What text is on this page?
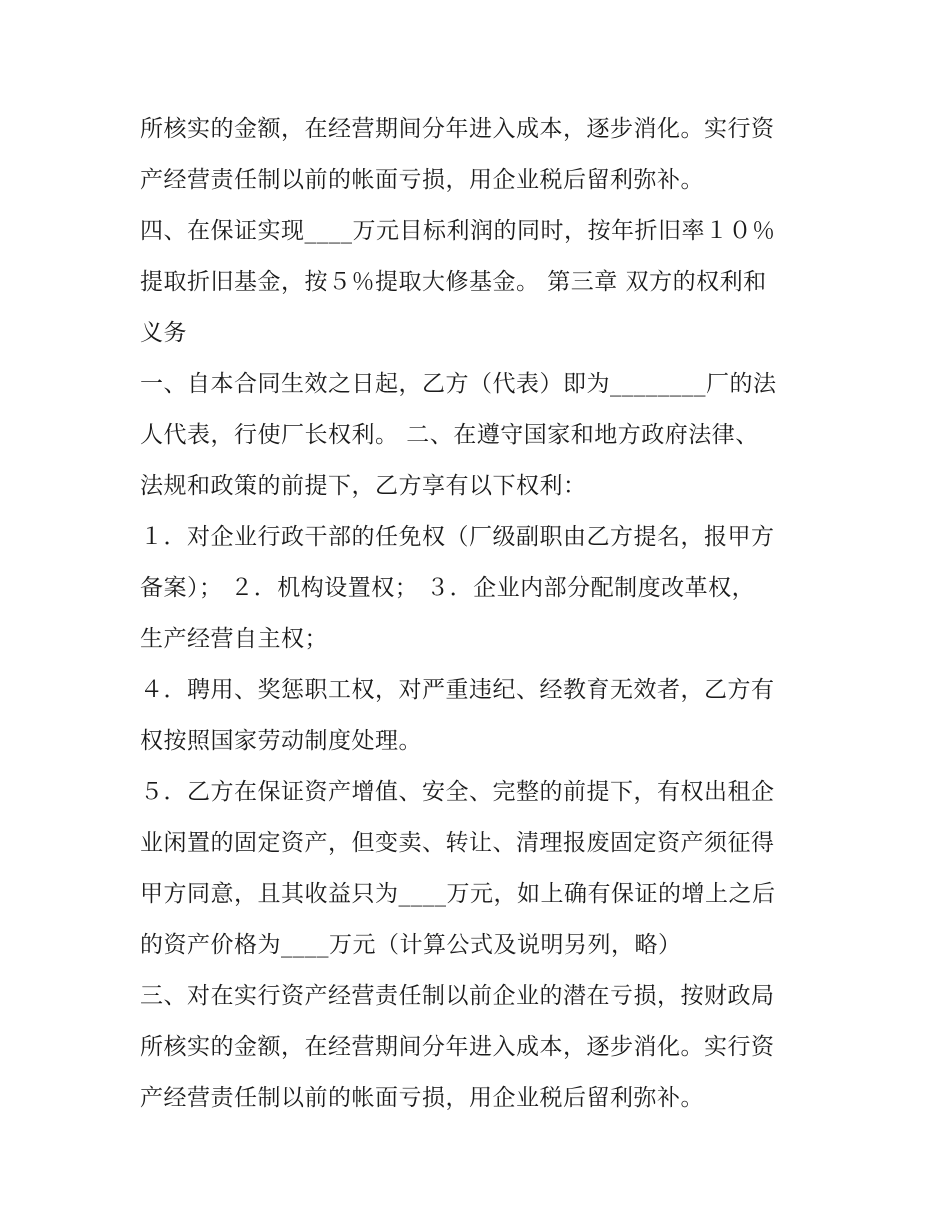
所核实的金额，在经营期间分年进入成本，逐步消化。实行资
产经营责任制以前的帐面亏损，用企业税后留利弥补。
四、在保证实现____万元目标利润的同时，按年折旧率１０％
提取折旧基金，按５％提取大修基金。 第三章 双方的权利和
义务
一、自本合同生效之日起，乙方（代表）即为________厂的法
人代表，行使厂长权利。 二、在遵守国家和地方政府法律、
法规和政策的前提下，乙方享有以下权利：
１．对企业行政干部的任免权（厂级副职由乙方提名，报甲方
备案）； ２．机构设置权； ３．企业内部分配制度改革权，
生产经营自主权；
４．聘用、奖惩职工权，对严重违纪、经教育无效者，乙方有
权按照国家劳动制度处理。
５．乙方在保证资产增值、安全、完整的前提下，有权出租企
业闲置的固定资产，但变卖、转让、清理报废固定资产须征得
甲方同意，且其收益只为____万元，如上确有保证的增上之后
的资产价格为____万元（计算公式及说明另列，略）
三、对在实行资产经营责任制以前企业的潜在亏损，按财政局
所核实的金额，在经营期间分年进入成本，逐步消化。实行资
产经营责任制以前的帐面亏损，用企业税后留利弥补。
